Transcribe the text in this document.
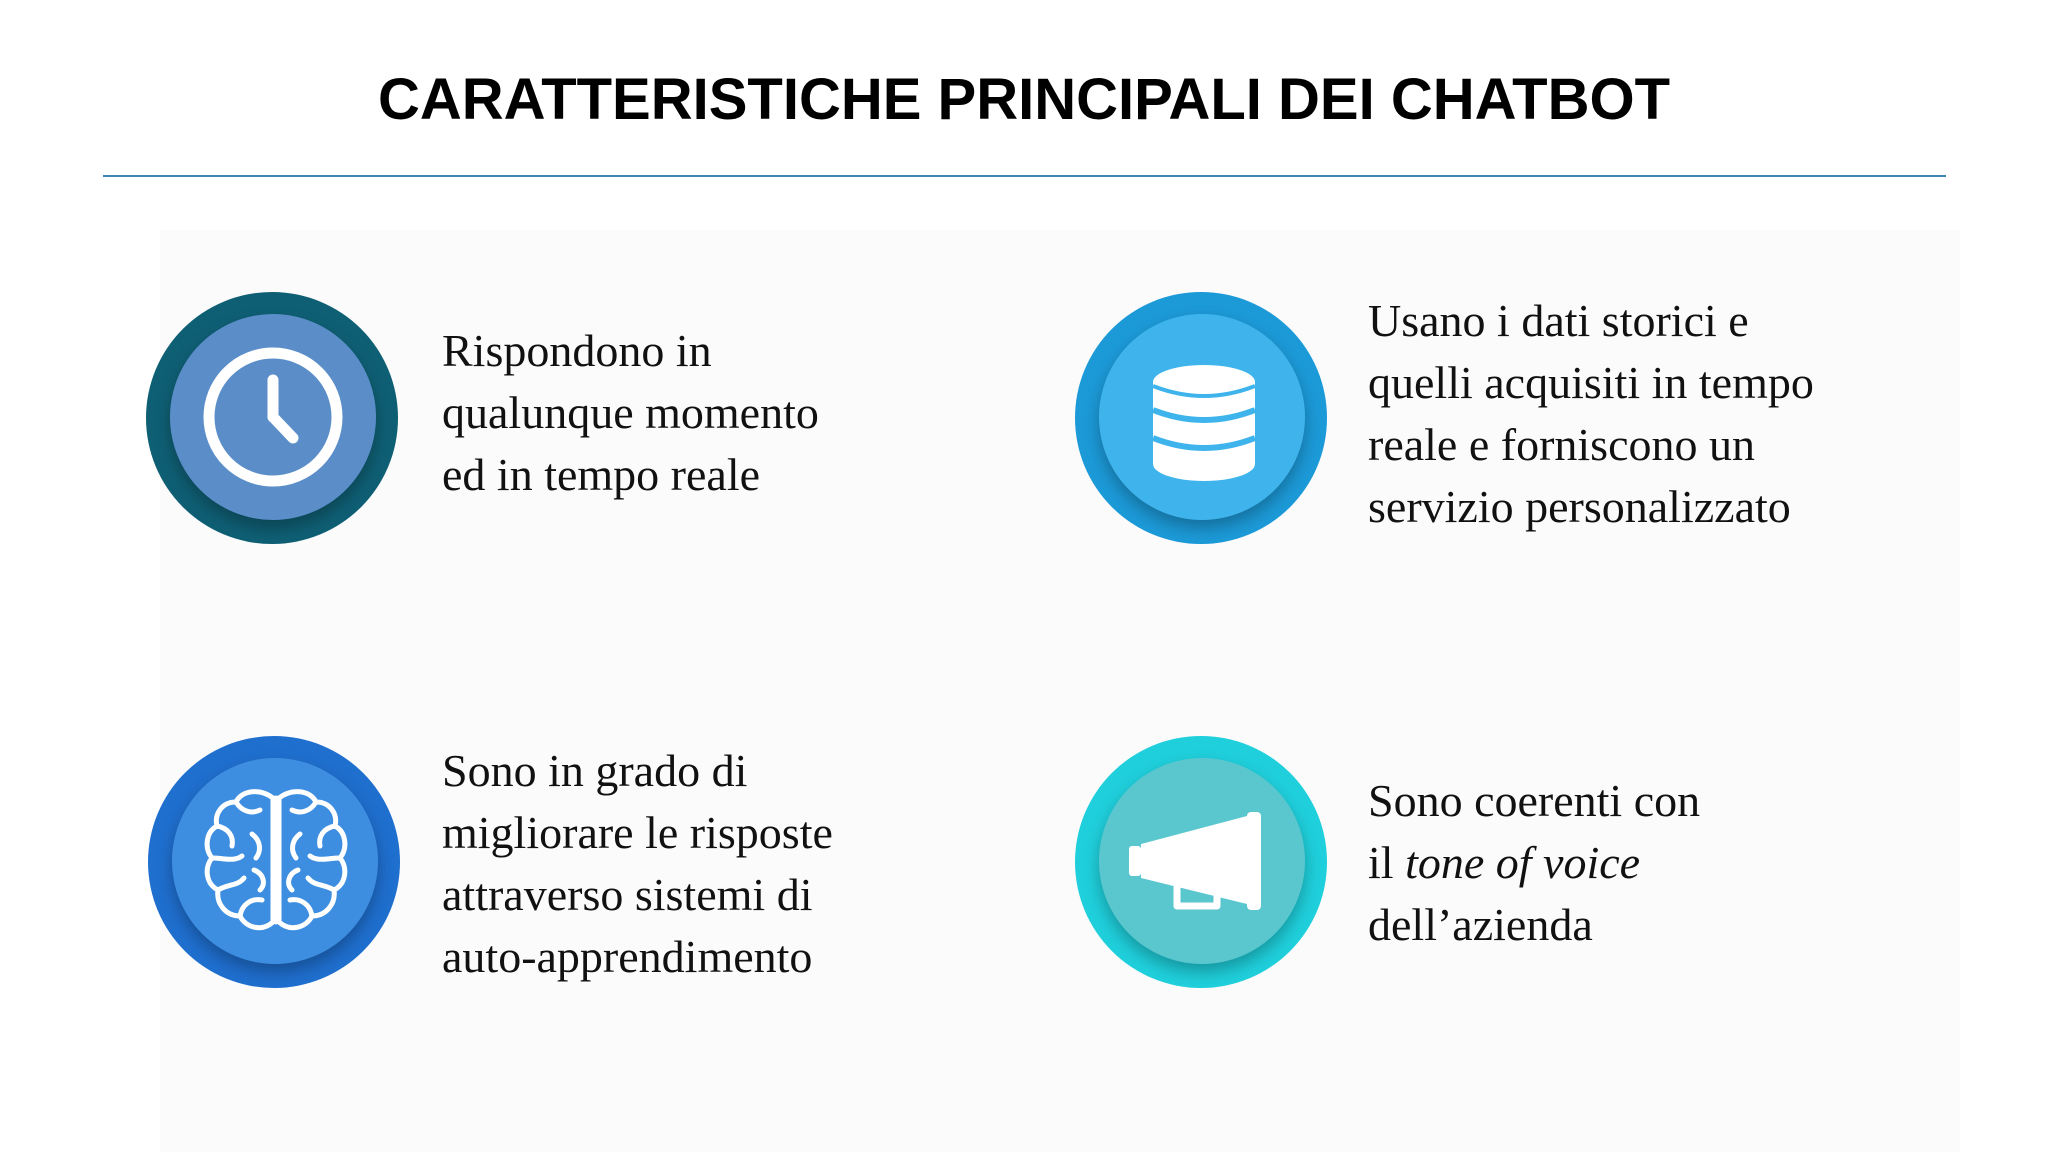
CARATTERISTICHE PRINCIPALI DEI CHATBOT

Rispondono in
qualunque momento
ed in tempo reale

Usano i dati storici e
quelli acquisiti in tempo
reale e forniscono un
servizio personalizzato

Sono in grado di
migliorare le risposte
attraverso sistemi di
auto-apprendimento

Sono coerenti con
il tone of voice
dell’azienda
